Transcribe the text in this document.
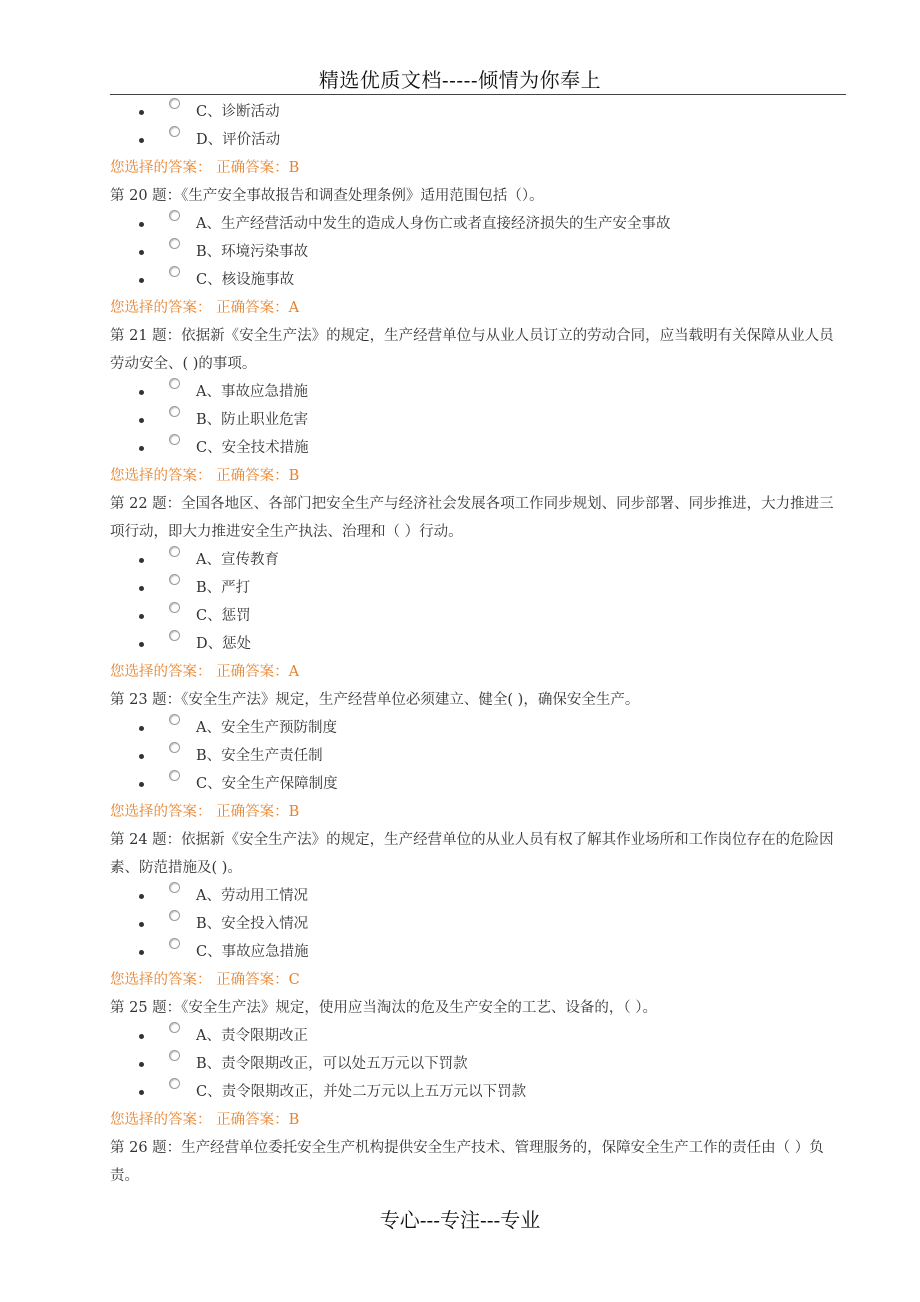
精选优质文档-----倾情为你奉上
C、诊断活动
D、评价活动

您选择的答案： 正确答案：B

第 20 题：《生产安全事故报告和调查处理条例》适用范围包括（）。

A、生产经营活动中发生的造成人身伤亡或者直接经济损失的生产安全事故
B、环境污染事故
C、核设施事故

您选择的答案： 正确答案：A

第 21 题：依据新《安全生产法》的规定，生产经营单位与从业人员订立的劳动合同，应当载明有关保障从业人员劳动安全、( )的事项。

A、事故应急措施
B、防止职业危害
C、安全技术措施

您选择的答案： 正确答案：B

第 22 题：全国各地区、各部门把安全生产与经济社会发展各项工作同步规划、同步部署、同步推进，大力推进三项行动，即大力推进安全生产执法、治理和（ ）行动。

A、宣传教育
B、严打
C、惩罚
D、惩处

您选择的答案： 正确答案：A

第 23 题：《安全生产法》规定，生产经营单位必须建立、健全( )，确保安全生产。

A、安全生产预防制度
B、安全生产责任制
C、安全生产保障制度

您选择的答案： 正确答案：B

第 24 题：依据新《安全生产法》的规定，生产经营单位的从业人员有权了解其作业场所和工作岗位存在的危险因素、防范措施及( )。

A、劳动用工情况
B、安全投入情况
C、事故应急措施

您选择的答案： 正确答案：C

第 25 题：《安全生产法》规定，使用应当淘汰的危及生产安全的工艺、设备的，（ ）。

A、责令限期改正
B、责令限期改正，可以处五万元以下罚款
C、责令限期改正，并处二万元以上五万元以下罚款

您选择的答案： 正确答案：B

第 26 题：生产经营单位委托安全生产机构提供安全生产技术、管理服务的，保障安全生产工作的责任由（ ）负责。

专心---专注---专业
